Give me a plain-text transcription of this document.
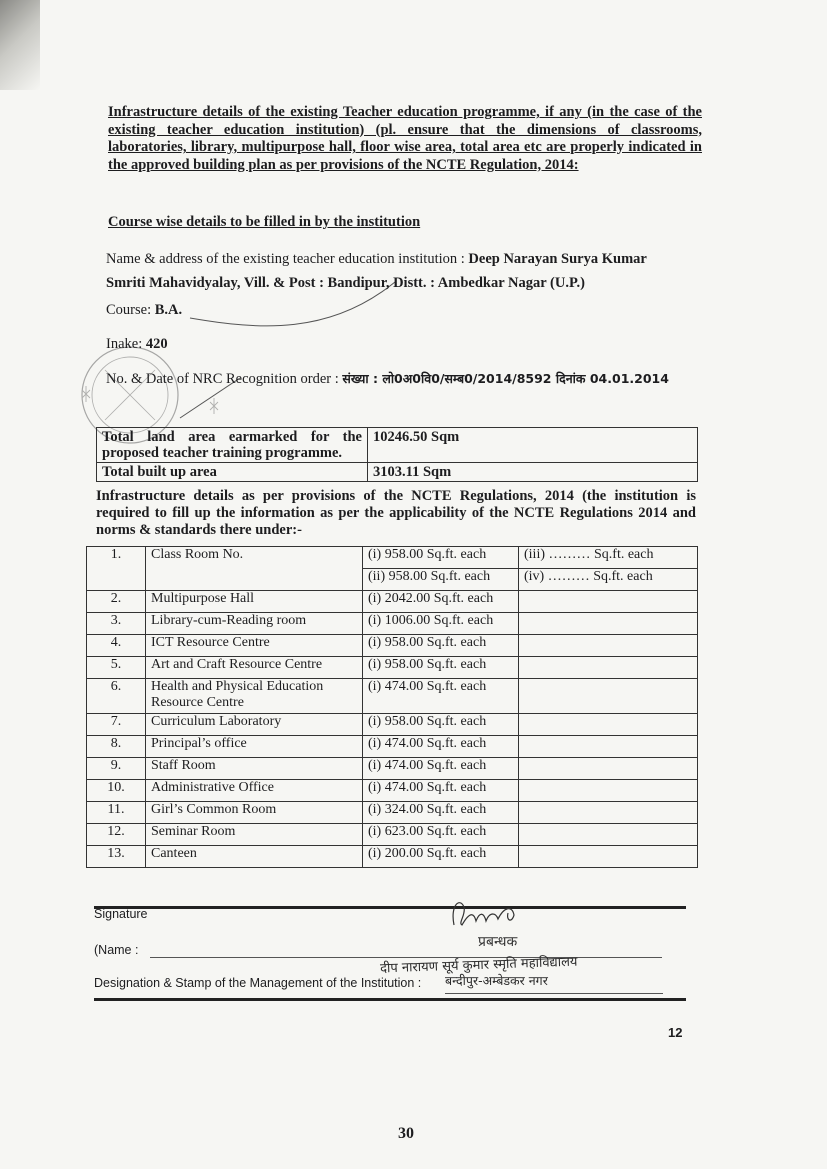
Infrastructure details of the existing Teacher education programme, if any (in the case of the existing teacher education institution) (pl. ensure that the dimensions of classrooms, laboratories, library, multipurpose hall, floor wise area, total area etc are properly indicated in the approved building plan as per provisions of the NCTE Regulation, 2014:
Course wise details to be filled in by the institution
Name & address of the existing teacher education institution : Deep Narayan Surya Kumar
Smriti Mahavidyalay, Vill. & Post : Bandipur, Distt. : Ambedkar Nagar (U.P.)
Course: B.A.
Inake: 420
No. & Date of NRC Recognition order : संख्या : लो0अ0वि0/सम्ब0/2014/8592 दिनांक 04.01.2014
Total land area earmarked for the proposed teacher training programme.	10246.50 Sqm
Total built up area	3103.11 Sqm
Infrastructure details as per provisions of the NCTE Regulations, 2014 (the institution is required to fill up the information as per the applicability of the NCTE Regulations 2014 and norms & standards there under:-
1.	Class Room No.	(i) 958.00 Sq.ft. each	(iii) ……… Sq.ft. each
		(ii) 958.00 Sq.ft. each	(iv) ……… Sq.ft. each
2.	Multipurpose Hall	(i) 2042.00 Sq.ft. each	
3.	Library-cum-Reading room	(i) 1006.00 Sq.ft. each	
4.	ICT Resource Centre	(i) 958.00 Sq.ft. each	
5.	Art and Craft Resource Centre	(i) 958.00 Sq.ft. each	
6.	Health and Physical Education Resource Centre	(i) 474.00 Sq.ft. each	
7.	Curriculum Laboratory	(i) 958.00 Sq.ft. each	
8.	Principal’s office	(i) 474.00 Sq.ft. each	
9.	Staff Room	(i) 474.00 Sq.ft. each	
10.	Administrative Office	(i) 474.00 Sq.ft. each	
11.	Girl’s Common Room	(i) 324.00 Sq.ft. each	
12.	Seminar Room	(i) 623.00 Sq.ft. each	
13.	Canteen	(i) 200.00 Sq.ft. each	
Signature
(Name :
Designation & Stamp of the Management of the Institution :
प्रबन्धक
दीप नारायण सूर्य कुमार स्मृति महाविद्यालय
बन्दीपुर-अम्बेडकर नगर
12
30
